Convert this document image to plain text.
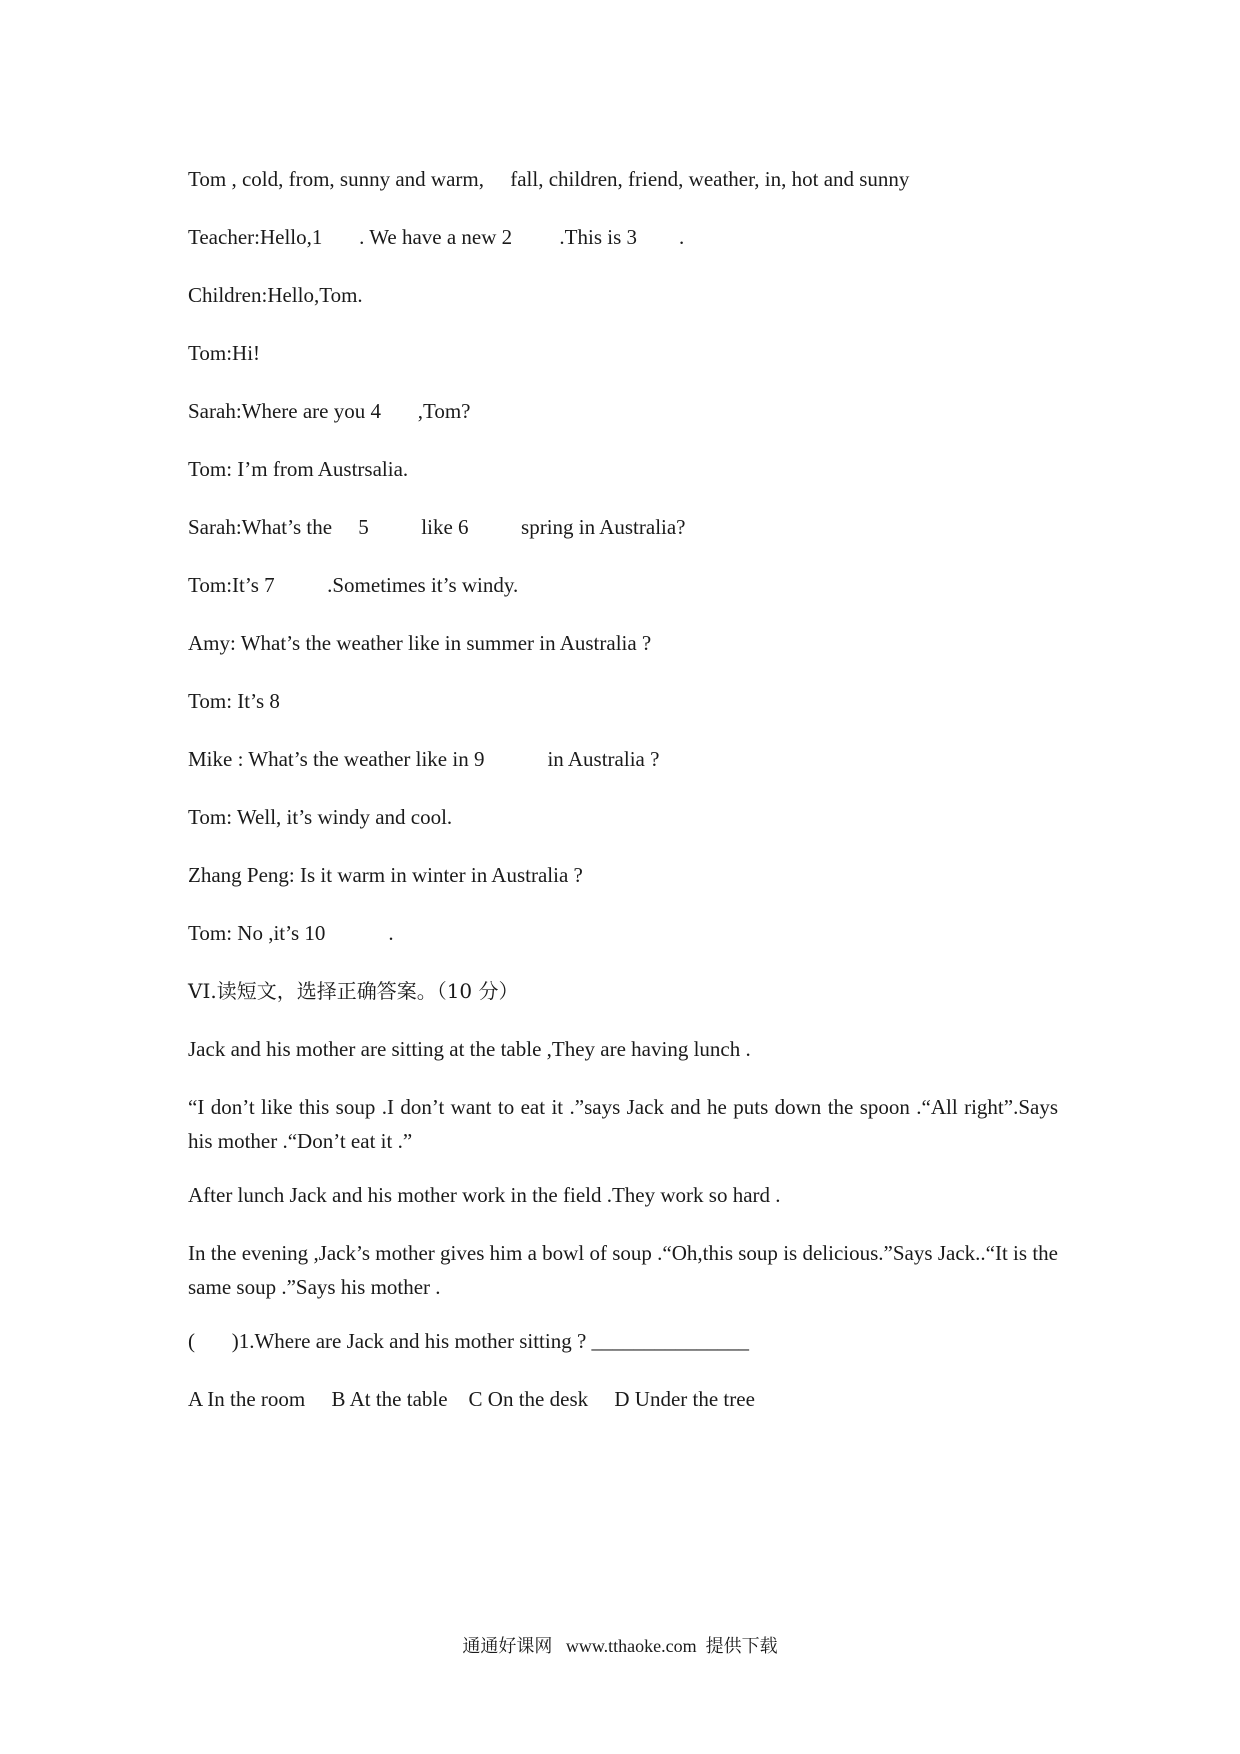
Tom , cold, from, sunny and warm,     fall, children, friend, weather, in, hot and sunny
Teacher:Hello,1       . We have a new 2         .This is 3        .
Children:Hello,Tom.
Tom:Hi!
Sarah:Where are you 4       ,Tom?
Tom: I’m from Austrsalia.
Sarah:What’s the     5          like 6          spring in Australia?
Tom:It’s 7          .Sometimes it’s windy.
Amy: What’s the weather like in summer in Australia ?
Tom: It’s 8
Mike : What’s the weather like in 9            in Australia ?
Tom: Well, it’s windy and cool.
Zhang Peng: Is it warm in winter in Australia ?
Tom: No ,it’s 10            .
VI.读短文，选择正确答案。（10 分）
Jack and his mother are sitting at the table ,They are having lunch .
“I don’t like this soup .I don’t want to eat it .”says Jack and he puts down the spoon .“All right”.Says his mother .“Don’t eat it .”
After lunch Jack and his mother work in the field .They work so hard .
In the evening ,Jack’s mother gives him a bowl of soup .“Oh,this soup is delicious.”Says Jack..“It is the same soup .”Says his mother .
(       )1.Where are Jack and his mother sitting ? _______________
A In the room     B At the table    C On the desk     D Under the tree
通通好课网   www.tthaoke.com  提供下载
